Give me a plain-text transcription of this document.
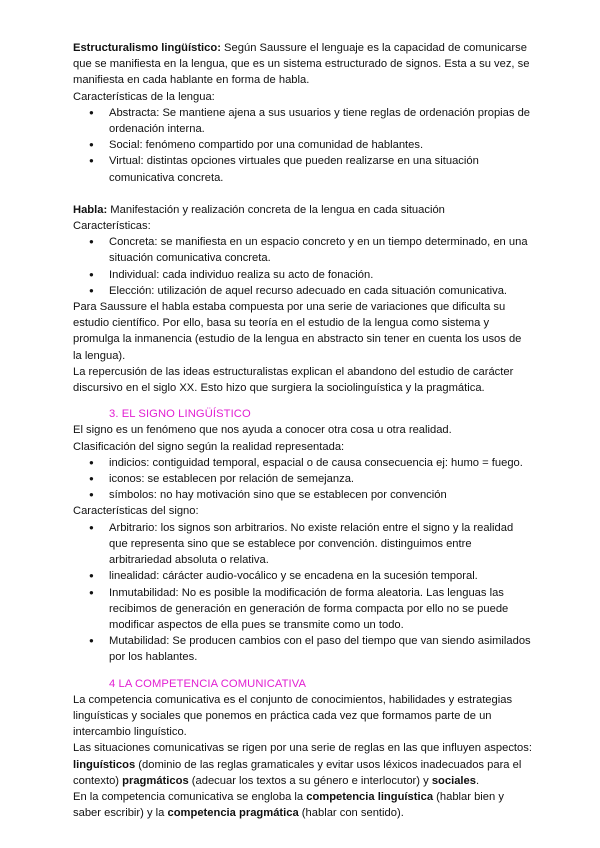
Estructuralismo lingüístico: Según Saussure el lenguaje es la capacidad de comunicarse que se manifiesta en la lengua, que es un sistema estructurado de signos. Esta a su vez, se manifiesta en cada hablante en forma de habla.

Características de la lengua:

● Abstracta: Se mantiene ajena a sus usuarios y tiene reglas de ordenación propias de ordenación interna.
● Social: fenómeno compartido por una comunidad de hablantes.
● Virtual: distintas opciones virtuales que pueden realizarse en una situación comunicativa concreta.

Habla: Manifestación y realización concreta de la lengua en cada situación

Características:

● Concreta: se manifiesta en un espacio concreto y en un tiempo determinado, en una situación comunicativa concreta.
● Individual: cada individuo realiza su acto de fonación.
● Elección: utilización de aquel recurso adecuado en cada situación comunicativa.

Para Saussure el habla estaba compuesta por una serie de variaciones que dificulta su estudio científico. Por ello, basa su teoría en el estudio de la lengua como sistema y promulga la inmanencia (estudio de la lengua en abstracto sin tener en cuenta los usos de la lengua).

La repercusión de las ideas estructuralistas explican el abandono del estudio de carácter discursivo en el siglo XX. Esto hizo que surgiera la sociolinguística y la pragmática.

3. EL SIGNO LINGÜÍSTICO

El signo es un fenómeno que nos ayuda a conocer otra cosa u otra realidad.

Clasificación del signo según la realidad representada:

● indicios: contiguidad temporal, espacial o de causa consecuencia ej: humo = fuego.
● iconos: se establecen por relación de semejanza.
● símbolos: no hay motivación sino que se establecen por convención

Características del signo:

● Arbitrario: los signos son arbitrarios. No existe relación entre el signo y la realidad que representa sino que se establece por convención. distinguimos entre arbitrariedad absoluta o relativa.
● linealidad: cárácter audio-vocálico y se encadena en la sucesión temporal.
● Inmutabilidad: No es posible la modificación de forma aleatoria. Las lenguas las recibimos de generación en generación de forma compacta por ello no se puede modificar aspectos de ella pues se transmite como un todo.
● Mutabilidad: Se producen cambios con el paso del tiempo que van siendo asimilados por los hablantes.

4 LA COMPETENCIA COMUNICATIVA

La competencia comunicativa es el conjunto de conocimientos, habilidades y estrategias linguísticas y sociales que ponemos en práctica cada vez que formamos parte de un intercambio linguístico.

Las situaciones comunicativas se rigen por una serie de reglas en las que influyen aspectos: linguísticos (dominio de las reglas gramaticales y evitar usos léxicos inadecuados para el contexto) pragmáticos (adecuar los textos a su género e interlocutor) y sociales.

En la competencia comunicativa se engloba la competencia linguística (hablar bien y saber escribir) y la competencia pragmática (hablar con sentido).
